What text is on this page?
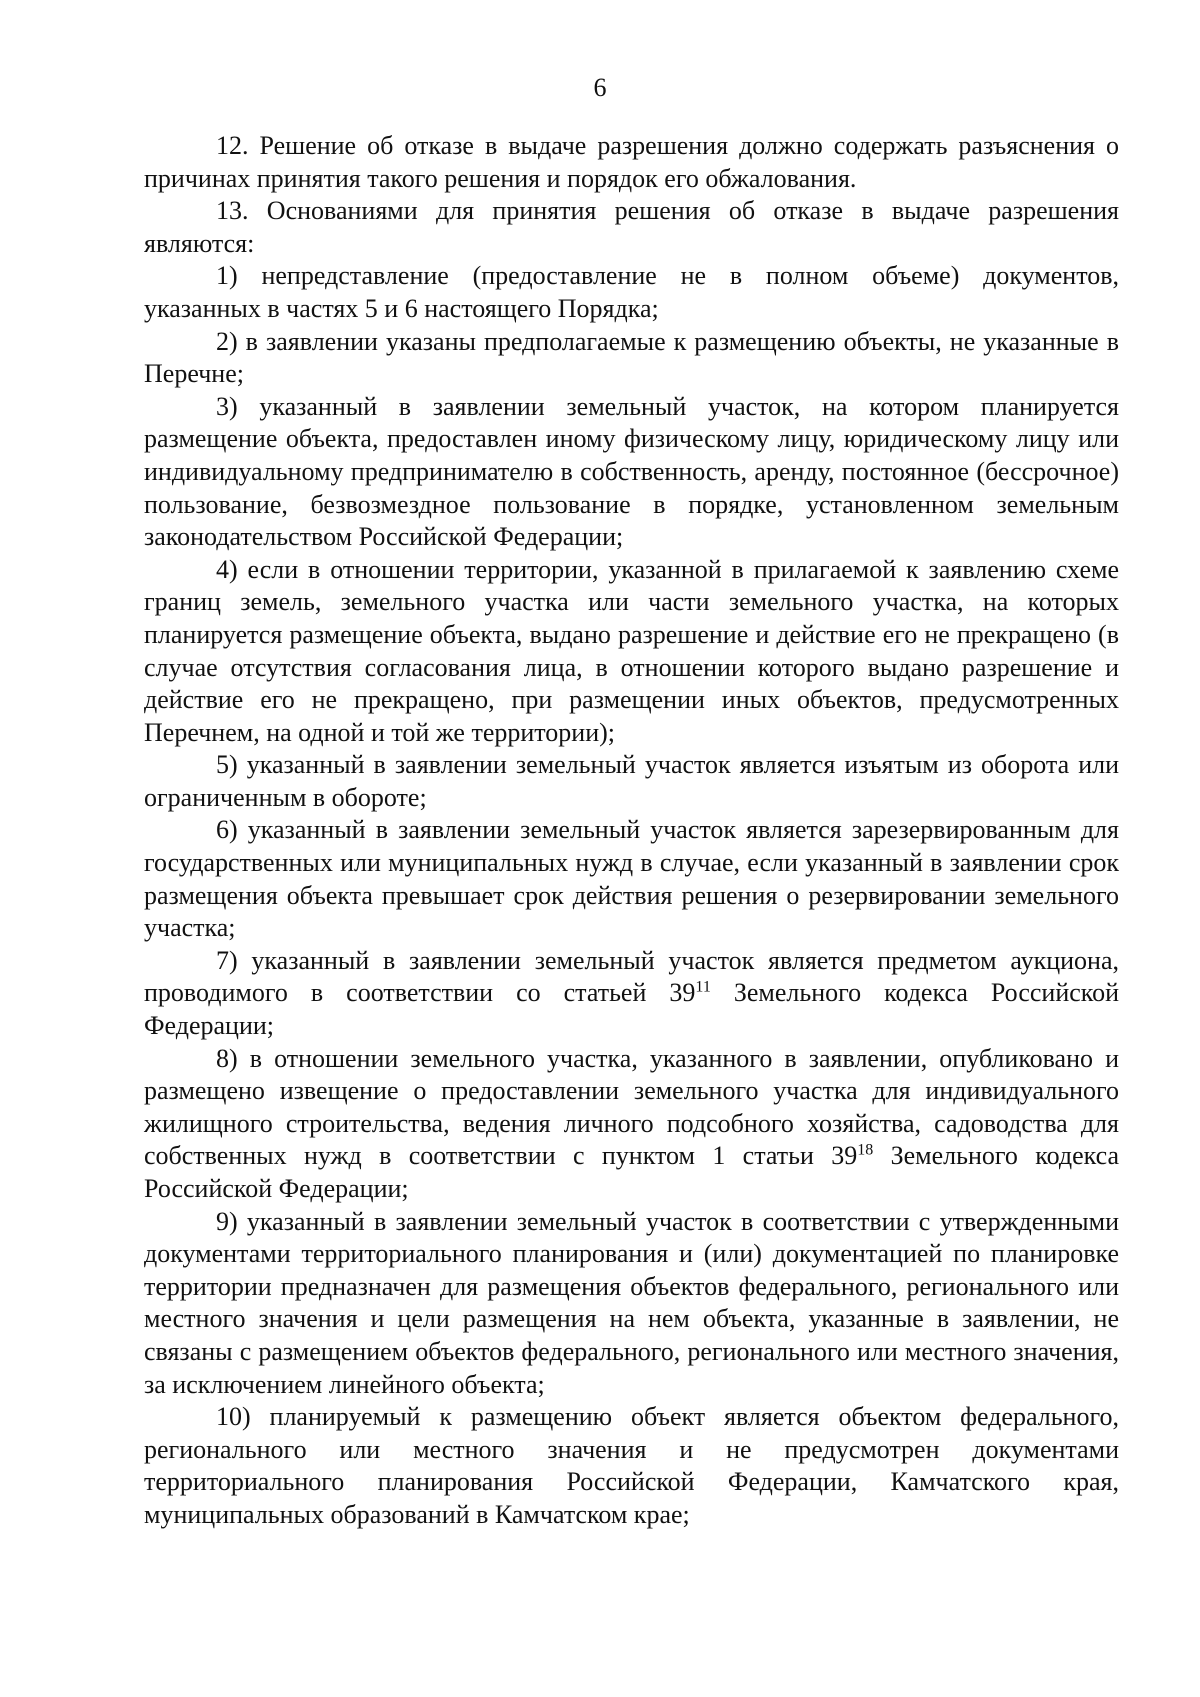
6

12. Решение об отказе в выдаче разрешения должно содержать разъяснения о причинах принятия такого решения и порядок его обжалования.

13. Основаниями для принятия решения об отказе в выдаче разрешения являются:

1) непредставление (предоставление не в полном объеме) документов, указанных в частях 5 и 6 настоящего Порядка;

2) в заявлении указаны предполагаемые к размещению объекты, не указанные в Перечне;

3) указанный в заявлении земельный участок, на котором планируется размещение объекта, предоставлен иному физическому лицу, юридическому лицу или индивидуальному предпринимателю в собственность, аренду, постоянное (бессрочное) пользование, безвозмездное пользование в порядке, установленном земельным законодательством Российской Федерации;

4) если в отношении территории, указанной в прилагаемой к заявлению схеме границ земель, земельного участка или части земельного участка, на которых планируется размещение объекта, выдано разрешение и действие его не прекращено (в случае отсутствия согласования лица, в отношении которого выдано разрешение и действие его не прекращено, при размещении иных объектов, предусмотренных Перечнем, на одной и той же территории);

5) указанный в заявлении земельный участок является изъятым из оборота или ограниченным в обороте;

6) указанный в заявлении земельный участок является зарезервированным для государственных или муниципальных нужд в случае, если указанный в заявлении срок размещения объекта превышает срок действия решения о резервировании земельного участка;

7) указанный в заявлении земельный участок является предметом аукциона, проводимого в соответствии со статьей $39^{11}$ Земельного кодекса Российской Федерации;

8) в отношении земельного участка, указанного в заявлении, опубликовано и размещено извещение о предоставлении земельного участка для индивидуального жилищного строительства, ведения личного подсобного хозяйства, садоводства для собственных нужд в соответствии с пунктом 1 статьи $39^{18}$ Земельного кодекса Российской Федерации;

9) указанный в заявлении земельный участок в соответствии с утвержденными документами территориального планирования и (или) документацией по планировке территории предназначен для размещения объектов федерального, регионального или местного значения и цели размещения на нем объекта, указанные в заявлении, не связаны с размещением объектов федерального, регионального или местного значения, за исключением линейного объекта;

10) планируемый к размещению объект является объектом федерального, регионального или местного значения и не предусмотрен документами территориального планирования Российской Федерации, Камчатского края, муниципальных образований в Камчатском крае;
